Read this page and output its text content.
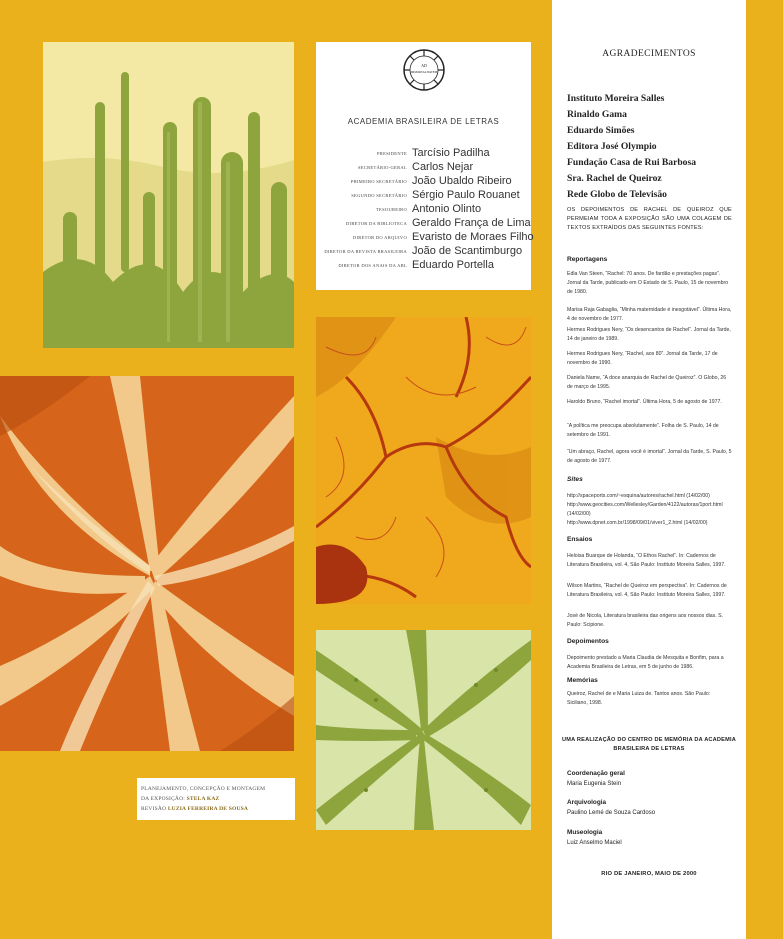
AD
IMMORTALITATEM
ACADEMIA BRASILEIRA DE LETRAS
PRESIDENTE Tarcísio Padilha
SECRETÁRIO-GERAL Carlos Nejar
PRIMEIRO SECRETÁRIO João Ubaldo Ribeiro
SEGUNDO SECRETÁRIO Sérgio Paulo Rouanet
TESOUREIRO Antonio Olinto
DIRETOR DA BIBLIOTECA Geraldo França de Lima
DIRETOR DO ARQUIVO Evaristo de Moraes Filho
DIRETOR DA REVISTA BRASILEIRA João de Scantimburgo
DIRETOR DOS ANAIS DA ABL Eduardo Portella
PLANEJAMENTO, CONCEPÇÃO E MONTAGEM
DA EXPOSIÇÃO: STELA KAZ
REVISÃO LUZIA FERREIRA DE SOUSA
AGRADECIMENTOS
Instituto Moreira Salles
Rinaldo Gama
Eduardo Simões
Editora José Olympio
Fundação Casa de Rui Barbosa
Sra. Rachel de Queiroz
Rede Globo de Televisão
OS DEPOIMENTOS DE RACHEL DE QUEIROZ QUE PERMEIAM TODA A EXPOSIÇÃO SÃO UMA COLAGEM DE TEXTOS EXTRAÍDOS DAS SEGUINTES FONTES:
Reportagens
Edla Van Steen, “Rachel: 70 anos. De fardão e prestações pagas”. Jornal da Tarde, publicado em O Estado de S. Paulo, 15 de novembro de 1980.
Marisa Raja Gabaglia, “Minha maternidade é inesgotável”. Última Hora, 4 de novembro de 1977.
Hermes Rodrigues Nery, “Os desencantos de Rachel”. Jornal da Tarde, 14 de janeiro de 1989.
Hermes Rodrigues Nery, “Rachel, aos 80”. Jornal da Tarde, 17 de novembro de 1990.
Daniela Name, “A doce anarquia de Rachel de Queiroz”. O Globo, 26 de março de 1995.
Haroldo Bruno, “Rachel imortal”. Última Hora, 5 de agosto de 1977.
“A política me preocupa absolutamente”. Folha de S. Paulo, 14 de setembro de 1991.
“Um abraço, Rachel, agora você é imortal”. Jornal da Tarde, S. Paulo, 5 de agosto de 1977.
Sites
http://spaceports.com/~esquina/autores/rachel.html (14/02/00)
http://www.geocities.com/Wellesley/Garden/4122/autoras/1port.html (14/02/00)
http://www.dpnet.com.br/1998/09/01/viver1_2.html (14/02/00)
Ensaios
Heloisa Buarque de Holanda, “O Ethos Rachel”. In: Cadernos de Literatura Brasileira, vol. 4, São Paulo: Instituto Moreira Salles, 1997.
Wilson Martins, “Rachel de Queiroz em perspectiva”. In: Cadernos de Literatura Brasileira, vol. 4, São Paulo: Instituto Moreira Salles, 1997.
José de Nicola, Literatura brasileira das origens aos nossos dias. S. Paulo: Scipione.
Depoimentos
Depoimento prestado a Maria Claudia de Mesquita e Bonfim, para a Academia Brasileira de Letras, em 5 de junho de 1986.
Memórias
Queiroz, Rachel de e Maria Luiza de. Tantos anos. São Paulo: Siciliano, 1998.
UMA REALIZAÇÃO DO CENTRO DE MEMÓRIA DA ACADEMIA BRASILEIRA DE LETRAS
Coordenação geral
Maria Eugenia Stein
Arquivologia
Paulino Lemé de Souza Cardoso
Museologia
Luiz Anselmo Maciel
RIO DE JANEIRO, MAIO DE 2000
